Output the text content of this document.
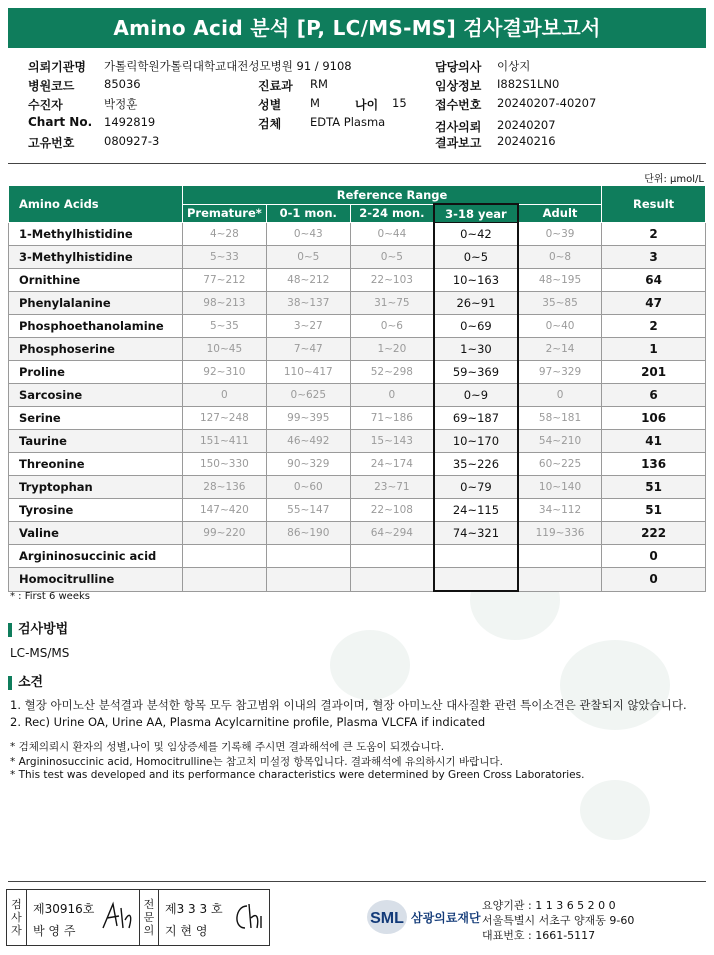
Amino Acid 분석 [P, LC/MS-MS] 검사결과보고서
의뢰기관명 가톨릭학원가톨릭대학교대전성모병원 91 / 9108
병원코드	85036
수진자	박정훈
Chart No. 1492819
고유번호	080927-3
진료과 RM
성별	M	나이 15
검체	EDTA Plasma
담당의사 이상지
임상정보 I882S1LN0
접수번호 20240207-40207
검사의뢰 20240207
결과보고 20240216
단위: μmol/L
Amino Acids	Reference Range					Result
	Premature*	0-1 mon.	2-24 mon.	3-18 year	Adult	
1-Methylhistidine	4~28	0~43	0~44	0~42	0~39	2
3-Methylhistidine	5~33	0~5	0~5	0~5	0~8	3
Ornithine	77~212	48~212	22~103	10~163	48~195	64
Phenylalanine	98~213	38~137	31~75	26~91	35~85	47
Phosphoethanolamine	5~35	3~27	0~6	0~69	0~40	2
Phosphoserine	10~45	7~47	1~20	1~30	2~14	1
Proline	92~310	110~417	52~298	59~369	97~329	201
Sarcosine	0	0~625	0	0~9	0	6
Serine	127~248	99~395	71~186	69~187	58~181	106
Taurine	151~411	46~492	15~143	10~170	54~210	41
Threonine	150~330	90~329	24~174	35~226	60~225	136
Tryptophan	28~136	0~60	23~71	0~79	10~140	51
Tyrosine	147~420	55~147	22~108	24~115	34~112	51
Valine	99~220	86~190	64~294	74~321	119~336	222
Argininosuccinic acid						0
Homocitrulline						0
* : First 6 weeks
검사방법
LC-MS/MS
소견
1. 혈장 아미노산 분석결과 분석한 항목 모두 참고범위 이내의 결과이며, 혈장 아미노산 대사질환 관련 특이소견은 관찰되지 않았습니다.
2. Rec) Urine OA, Urine AA, Plasma Acylcarnitine profile, Plasma VLCFA if indicated
* 검체의뢰시 환자의 성별,나이 및 임상증세를 기록해 주시면 결과해석에 큰 도움이 되겠습니다.
* Argininosuccinic acid, Homocitrulline는 참고치 미설정 항목입니다. 결과해석에 유의하시기 바랍니다.
* This test was developed and its performance characteristics were determined by Green Cross Laboratories.
검
사
자
제30916호
박 영 주
전
문
의
제3 3 3 호
지 현 영
SML 삼광의료재단
요양기관 : 1 1 3 6 5 2 0 0
서울특별시 서초구 양재동 9-60
대표번호 : 1661-5117
